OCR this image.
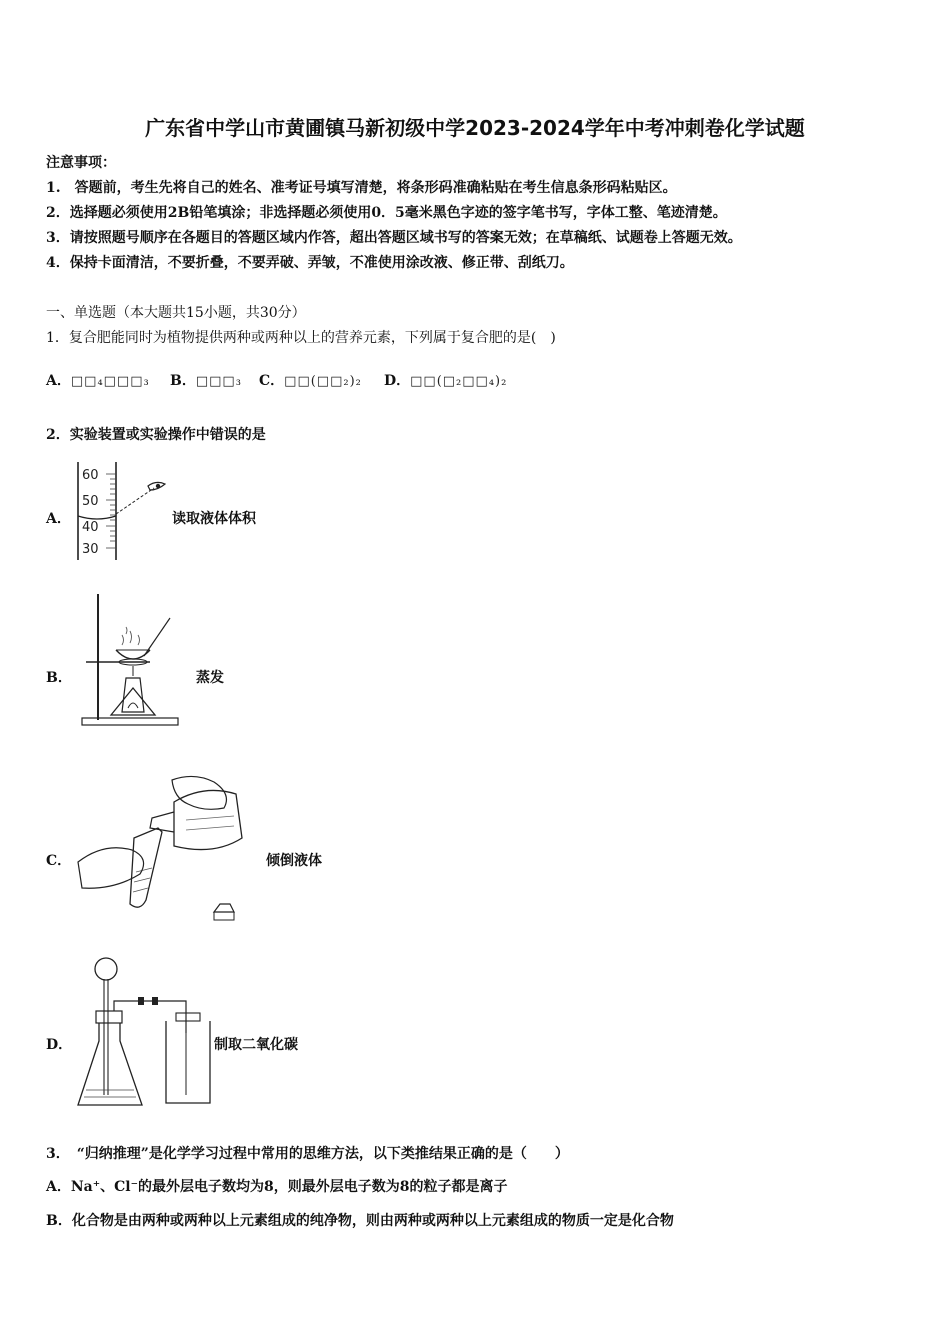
广东省中学山市黄圃镇马新初级中学2023-2024学年中考冲刺卷化学试题
注意事项：
1.　答题前，考生先将自己的姓名、准考证号填写清楚，将条形码准确粘贴在考生信息条形码粘贴区。
2．选择题必须使用2B铅笔填涂；非选择题必须使用0．5毫米黑色字迹的签字笔书写，字体工整、笔迹清楚。
3．请按照题号顺序在各题目的答题区域内作答，超出答题区域书写的答案无效；在草稿纸、试题卷上答题无效。
4．保持卡面清洁，不要折叠，不要弄破、弄皱，不准使用涂改液、修正带、刮纸刀。
一、单选题（本大题共15小题，共30分）
1．复合肥能同时为植物提供两种或两种以上的营养元素，下列属于复合肥的是(　)
A．□□₄□□□₃ B．□□□₃ C．□□(□□₂)₂ D．□□(□₂□□₄)₂
2．实验装置或实验操作中错误的是
A．
60
50
40
30
读取液体体积
B．	蒸发
C．	倾倒液体
D．	制取二氧化碳
3．　“归纳推理”是化学学习过程中常用的思维方法，以下类推结果正确的是（　　）
A．Na⁺、Cl⁻的最外层电子数均为8，则最外层电子数为8的粒子都是离子
B．化合物是由两种或两种以上元素组成的纯净物，则由两种或两种以上元素组成的物质一定是化合物
